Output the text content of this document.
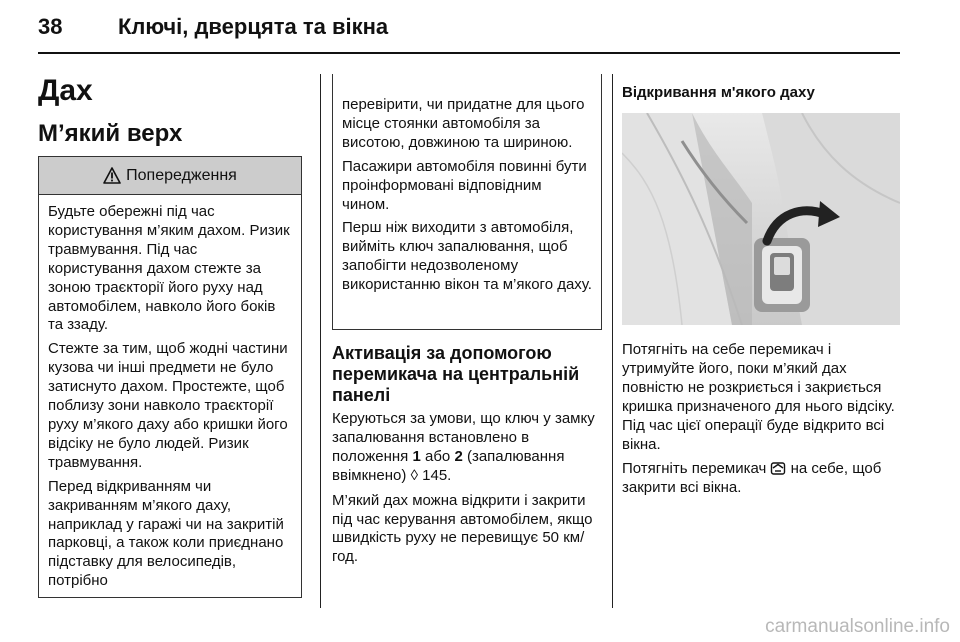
38	Ключі, дверцята та вікна
Дах
М’який верх
Попередження

Будьте обережні під час користування м’яким дахом. Ризик травмування. Під час користування дахом стежте за зоною траєкторії його руху над автомобілем, навколо його боків та ззаду.

Стежте за тим, щоб жодні частини кузова чи інші предмети не було затиснуто дахом. Простежте, щоб поблизу зони навколо траєкторії руху м’якого даху або кришки його відсіку не було людей. Ризик травмування.

Перед відкриванням чи закриванням м’якого даху, наприклад у гаражі чи на закритій парковці, а також коли приєднано підставку для велосипедів, потрібно

перевірити, чи придатне для цього місце стоянки автомобіля за висотою, довжиною та шириною.

Пасажири автомобіля повинні бути проінформовані відповідним чином.

Перш ніж виходити з автомобіля, вийміть ключ запалювання, щоб запобігти недозволеному використанню вікон та м’якого даху.

Активація за допомогою перемикача на центральній панелі

Керуються за умови, що ключ у замку запалювання встановлено в положення 1 або 2 (запалювання ввімкнено) ◊ 145.

М’який дах можна відкрити і закрити під час керування автомобілем, якщо швидкість руху не перевищує 50 км/год.

Відкривання м'якого даху

Потягніть на себе перемикач і утримуйте його, поки м’який дах повністю не розкриється і закриється кришка призначеного для нього відсіку. Під час цієї операції буде відкрито всі вікна.

Потягніть перемикач  на себе, щоб закрити всі вікна.

carmanualsonline.info
